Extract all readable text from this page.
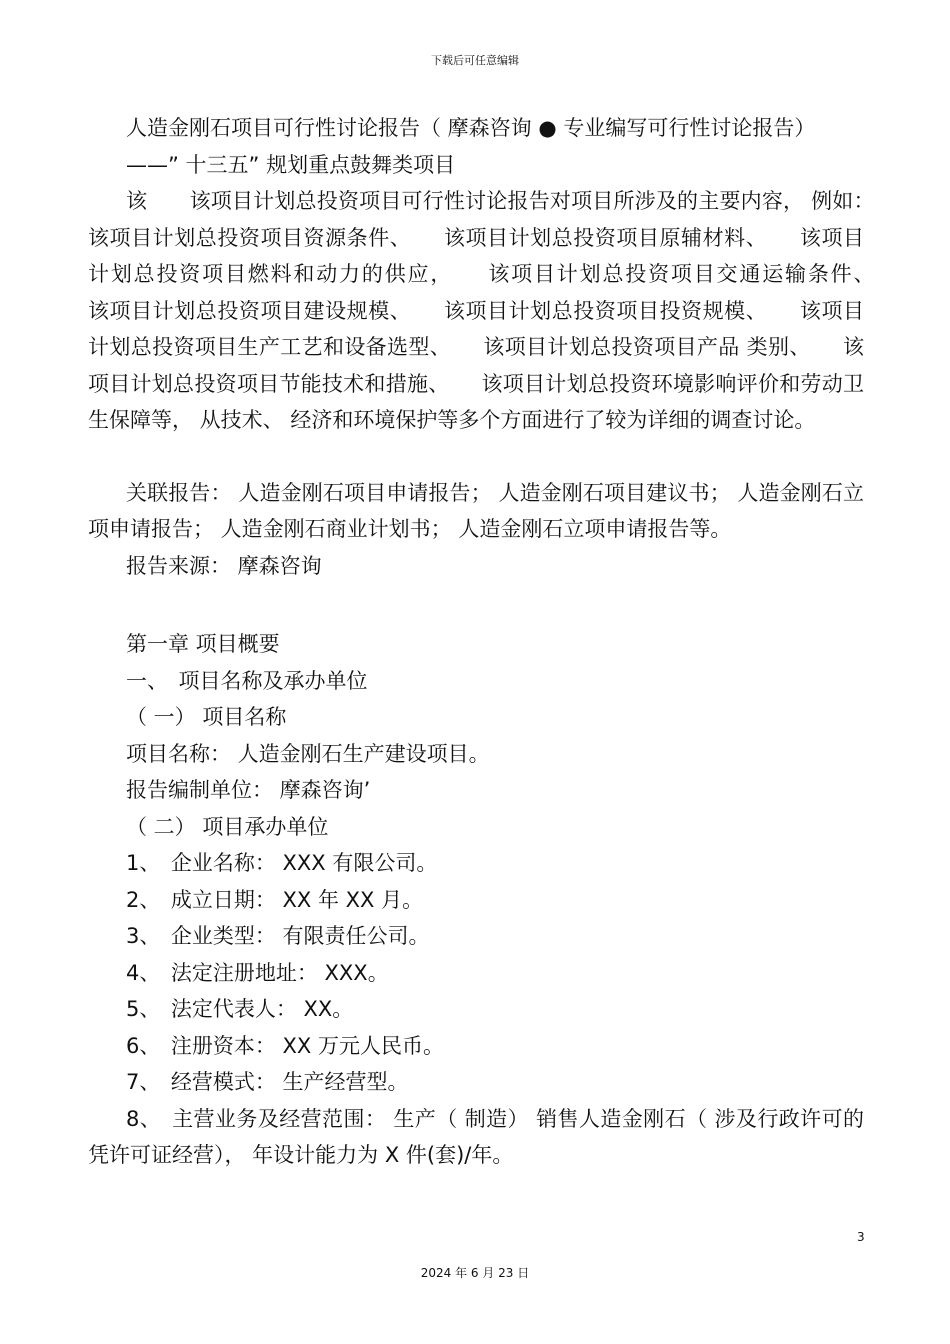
下载后可任意编辑

人造金刚石项目可行性讨论报告（ 摩森咨询 ● 专业编写可行性讨论报告）

——” 十三五” 规划重点鼓舞类项目

该　　该项目计划总投资项目可行性讨论报告对项目所涉及的主要内容， 例如：　　该项目计划总投资项目资源条件、　　该项目计划总投资项目原辅材料、　　该项目计划总投资项目燃料和动力的供应，　　该项目计划总投资项目交通运输条件、　　该项目计划总投资项目建设规模、　　该项目计划总投资项目投资规模、　　该项目计划总投资项目生产工艺和设备选型、　　该项目计划总投资项目产品 类别、　　该项目计划总投资项目节能技术和措施、　　该项目计划总投资环境影响评价和劳动卫生保障等， 从技术、 经济和环境保护等多个方面进行了较为详细的调查讨论。

关联报告： 人造金刚石项目申请报告； 人造金刚石项目建议书； 人造金刚石立项申请报告； 人造金刚石商业计划书； 人造金刚石立项申请报告等。

报告来源： 摩森咨询

第一章 项目概要

一、　项目名称及承办单位

（ 一） 项目名称

项目名称： 人造金刚石生产建设项目。

报告编制单位： 摩森咨询’

（ 二） 项目承办单位

1、　企业名称： XXX 有限公司。

2、　成立日期： XX 年 XX 月。

3、　企业类型： 有限责任公司。

4、　法定注册地址： XXX。

5、　法定代表人： XX。

6、　注册资本： XX 万元人民币。

7、　经营模式： 生产经营型。

8、　主营业务及经营范围： 生产（ 制造） 销售人造金刚石（ 涉及行政许可的凭许可证经营）， 年设计能力为 X 件(套)/年。

3
2024 年 6 月 23 日
